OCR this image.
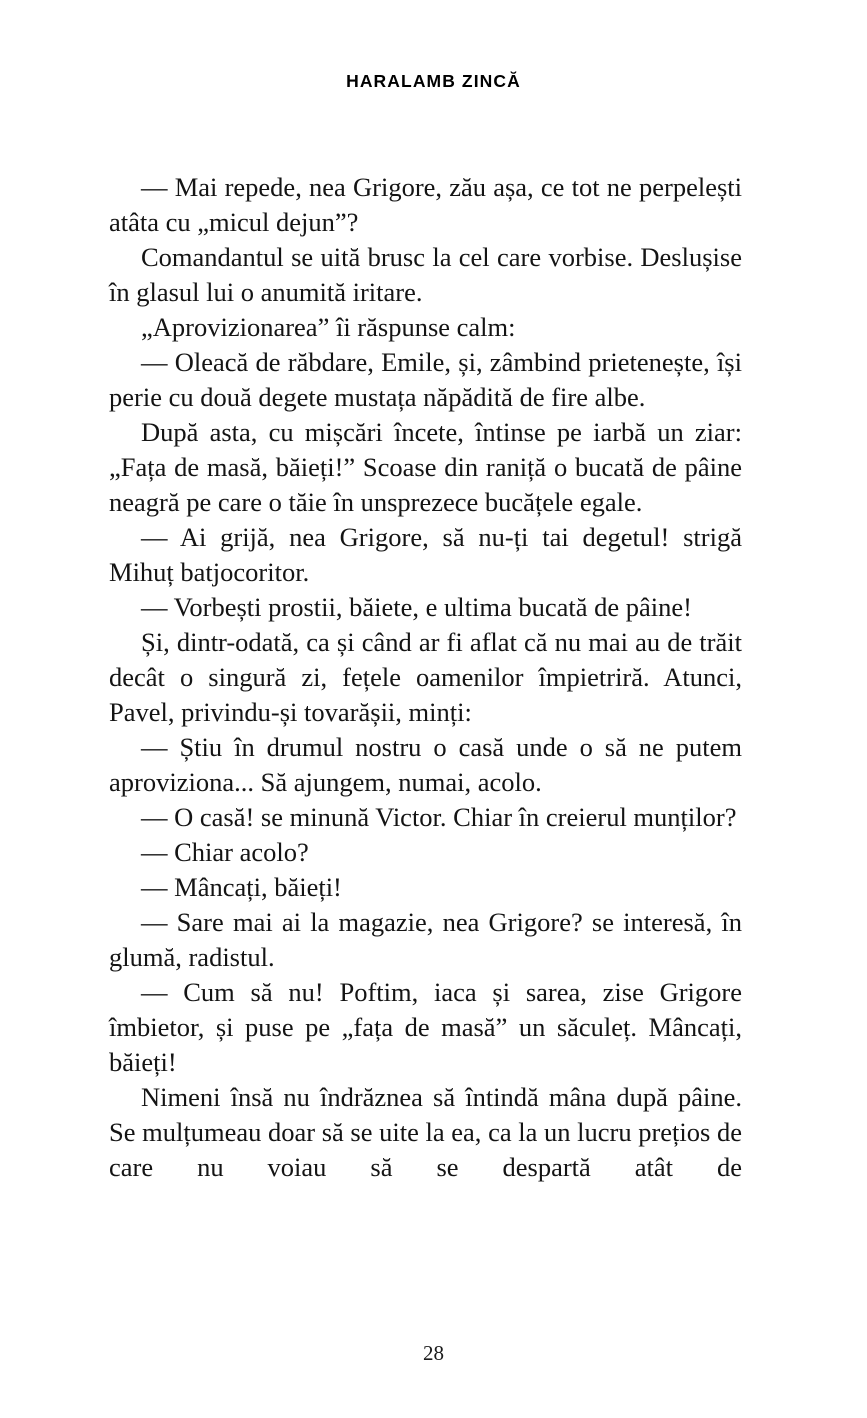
HARALAMB ZINCĂ

— Mai repede, nea Grigore, zău așa, ce tot ne perpelești atâta cu „micul dejun”?

Comandantul se uită brusc la cel care vorbise. Deslușise în glasul lui o anumită iritare.

„Aprovizionarea” îi răspunse calm:

— Oleacă de răbdare, Emile, și, zâmbind prietenește, își perie cu două degete mustața năpădită de fire albe.

După asta, cu mișcări încete, întinse pe iarbă un ziar: „Fața de masă, băieți!” Scoase din raniță o bucată de pâine neagră pe care o tăie în unsprezece bucățele egale.

— Ai grijă, nea Grigore, să nu-ți tai degetul! strigă Mihuț batjocoritor.

— Vorbești prostii, băiete, e ultima bucată de pâine!

Și, dintr-odată, ca și când ar fi aflat că nu mai au de trăit decât o singură zi, fețele oamenilor împietriră. Atunci, Pavel, privindu-și tovarășii, minți:

— Știu în drumul nostru o casă unde o să ne putem aproviziona... Să ajungem, numai, acolo.

— O casă! se minună Victor. Chiar în creierul munților?

— Chiar acolo?

— Mâncați, băieți!

— Sare mai ai la magazie, nea Grigore? se interesă, în glumă, radistul.

— Cum să nu! Poftim, iaca și sarea, zise Grigore îmbietor, și puse pe „fața de masă” un săculeț. Mâncați, băieți!

Nimeni însă nu îndrăznea să întindă mâna după pâine. Se mulțumeau doar să se uite la ea, ca la un lucru prețios de care nu voiau să se despartă atât de

28
